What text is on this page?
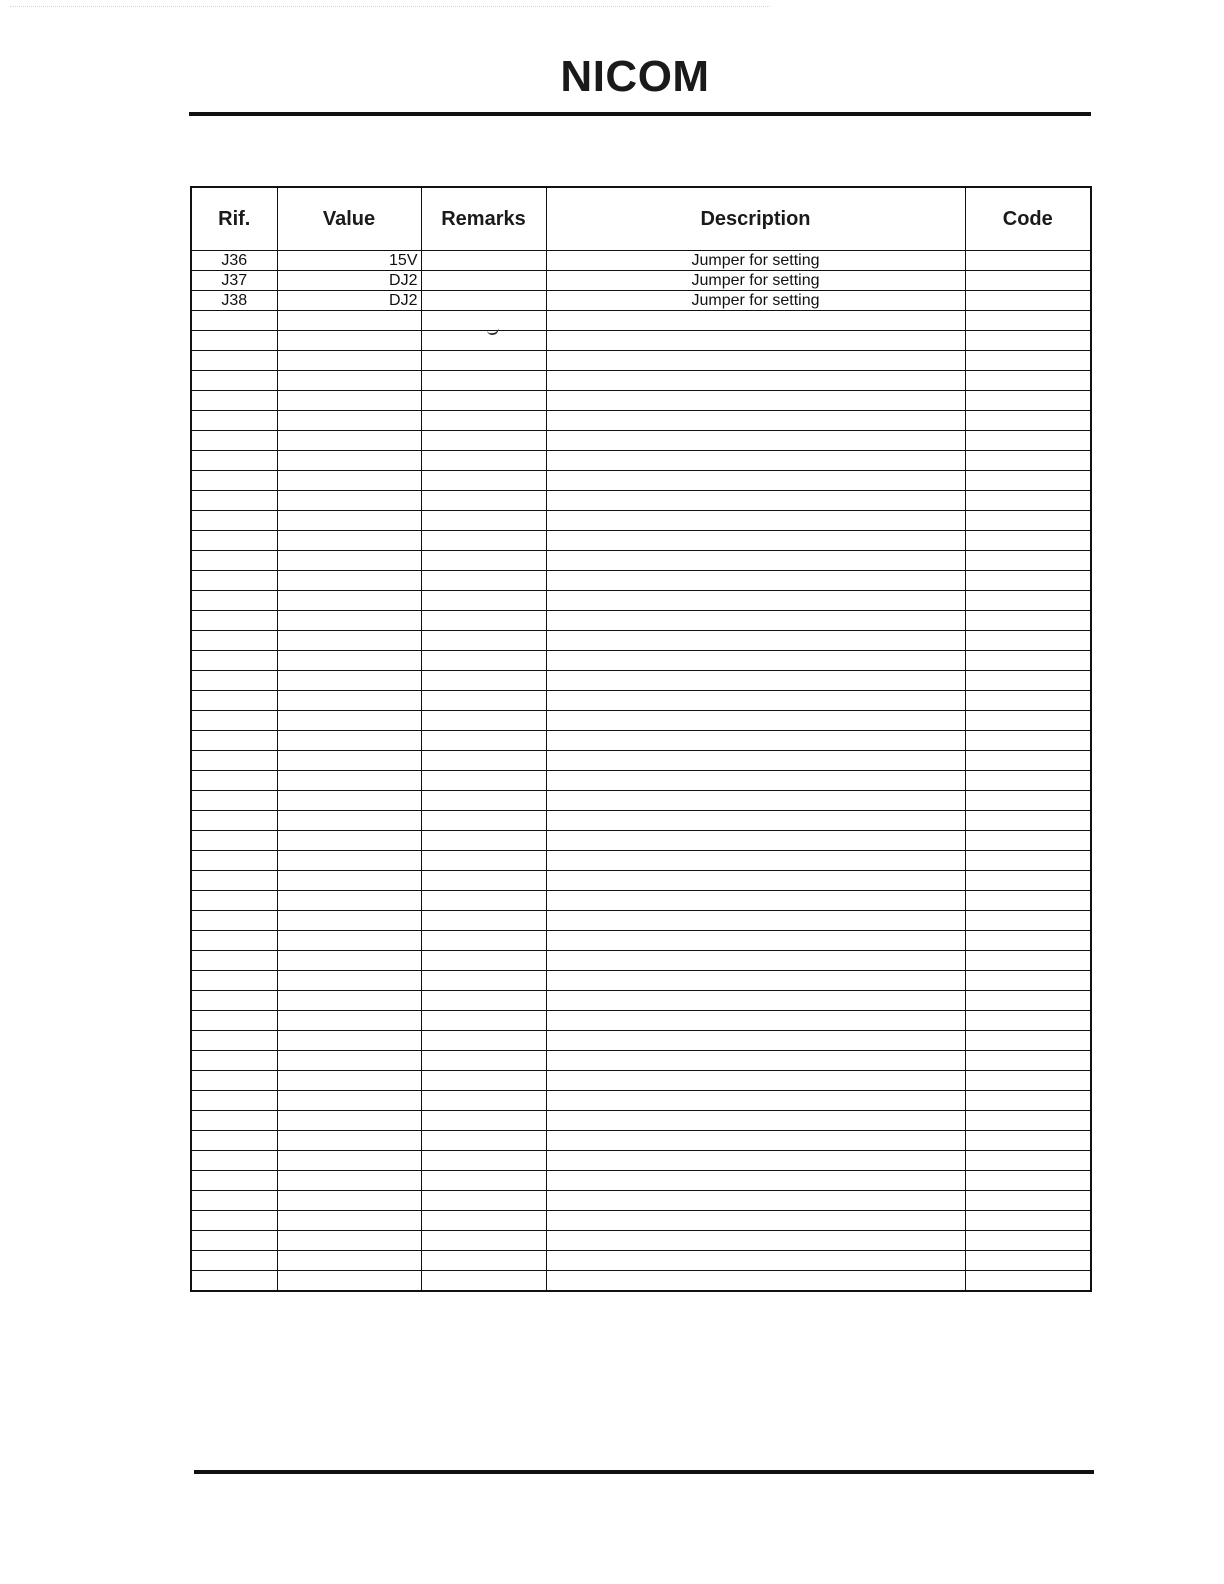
NICOM
Rif.	Value	Remarks	Description	Code
J36	15V		Jumper for setting	
J37	DJ2		Jumper for setting	
J38	DJ2		Jumper for setting	
